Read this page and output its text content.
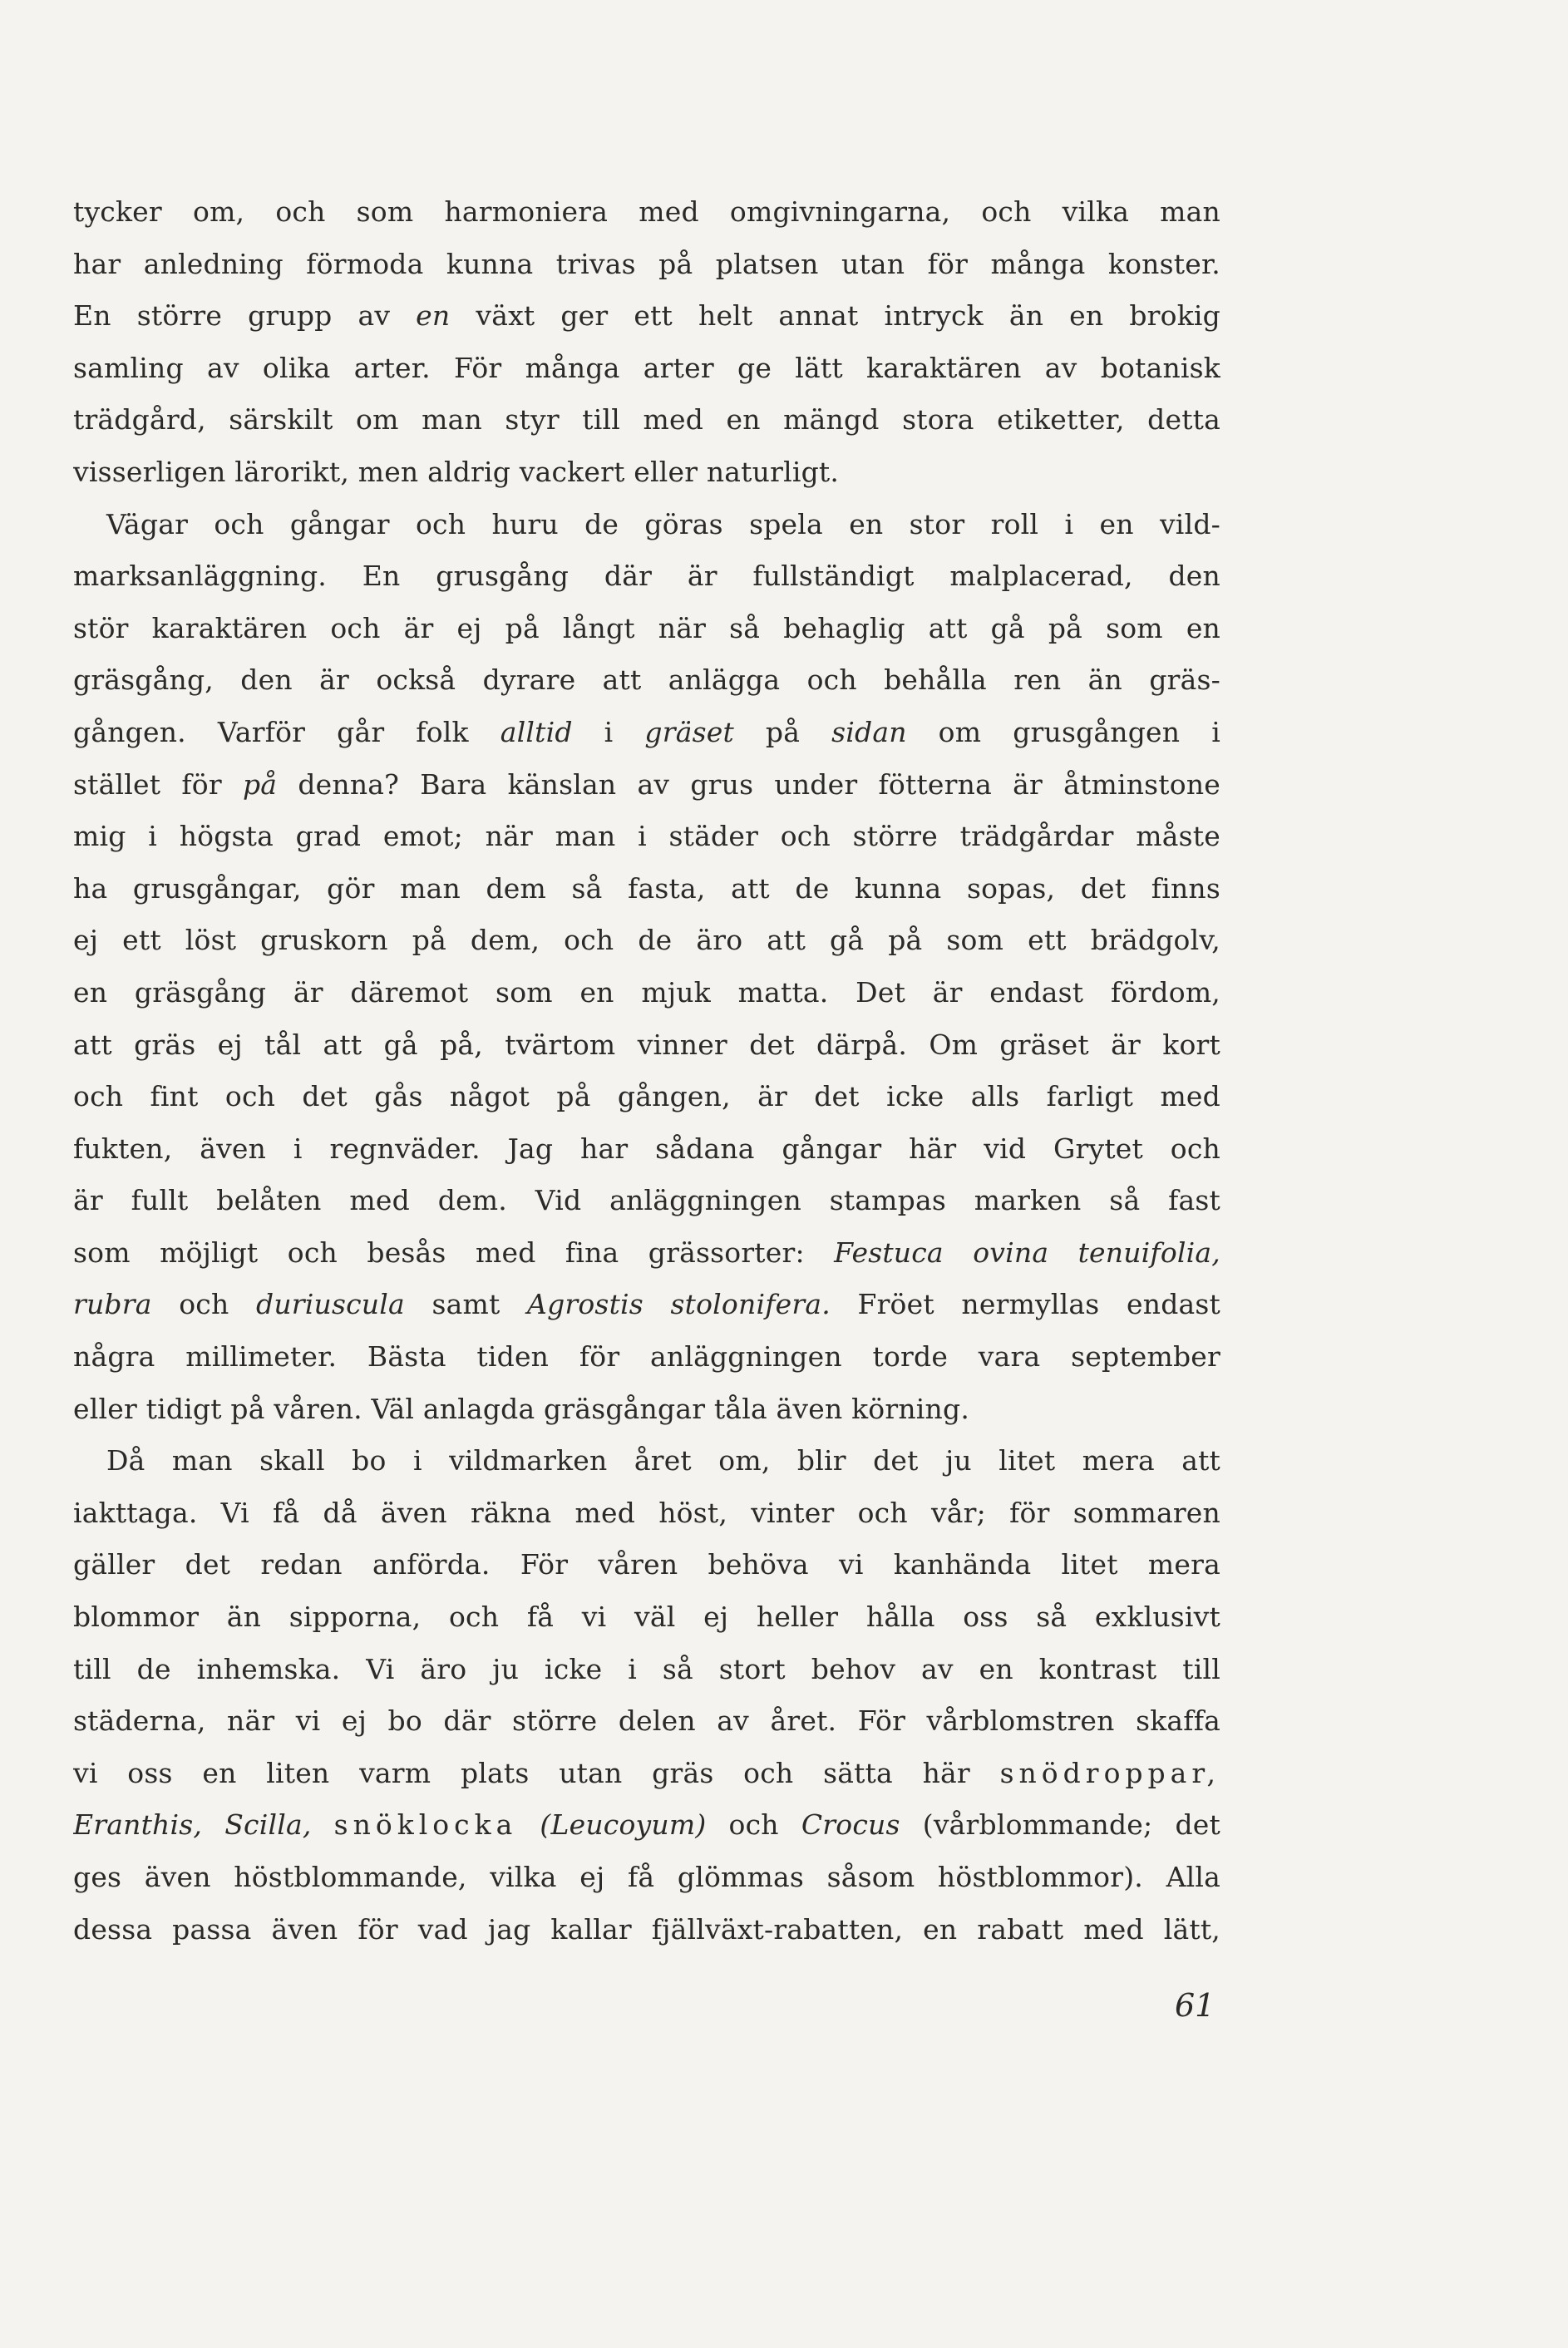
tycker om, och som harmoniera med omgivningarna, och vilka man
har anledning förmoda kunna trivas på platsen utan för många konster.
En större grupp av en växt ger ett helt annat intryck än en brokig
samling av olika arter. För många arter ge lätt karaktären av botanisk
trädgård, särskilt om man styr till med en mängd stora etiketter, detta
visserligen lärorikt, men aldrig vackert eller naturligt.
Vägar och gångar och huru de göras spela en stor roll i en vild-
marksanläggning. En grusgång där är fullständigt malplacerad, den
stör karaktären och är ej på långt när så behaglig att gå på som en
gräsgång, den är också dyrare att anlägga och behålla ren än gräs-
gången. Varför går folk alltid i gräset på sidan om grusgången i
stället för på denna? Bara känslan av grus under fötterna är åtminstone
mig i högsta grad emot; när man i städer och större trädgårdar måste
ha grusgångar, gör man dem så fasta, att de kunna sopas, det finns
ej ett löst gruskorn på dem, och de äro att gå på som ett brädgolv,
en gräsgång är däremot som en mjuk matta. Det är endast fördom,
att gräs ej tål att gå på, tvärtom vinner det därpå. Om gräset är kort
och fint och det gås något på gången, är det icke alls farligt med
fukten, även i regnväder. Jag har sådana gångar här vid Grytet och
är fullt belåten med dem. Vid anläggningen stampas marken så fast
som möjligt och besås med fina grässorter: Festuca ovina tenuifolia,
rubra och duriuscula samt Agrostis stolonifera. Fröet nermyllas endast
några millimeter. Bästa tiden för anläggningen torde vara september
eller tidigt på våren. Väl anlagda gräsgångar tåla även körning.
Då man skall bo i vildmarken året om, blir det ju litet mera att
iakttaga. Vi få då även räkna med höst, vinter och vår; för sommaren
gäller det redan anförda. För våren behöva vi kanhända litet mera
blommor än sipporna, och få vi väl ej heller hålla oss så exklusivt
till de inhemska. Vi äro ju icke i så stort behov av en kontrast till
städerna, när vi ej bo där större delen av året. För vårblomstren skaffa
vi oss en liten varm plats utan gräs och sätta här snödroppar,
Eranthis, Scilla, snöklocka (Leucoyum) och Crocus (vårblommande; det
ges även höstblommande, vilka ej få glömmas såsom höstblommor). Alla
dessa passa även för vad jag kallar fjällväxt-rabatten, en rabatt med lätt,
61
